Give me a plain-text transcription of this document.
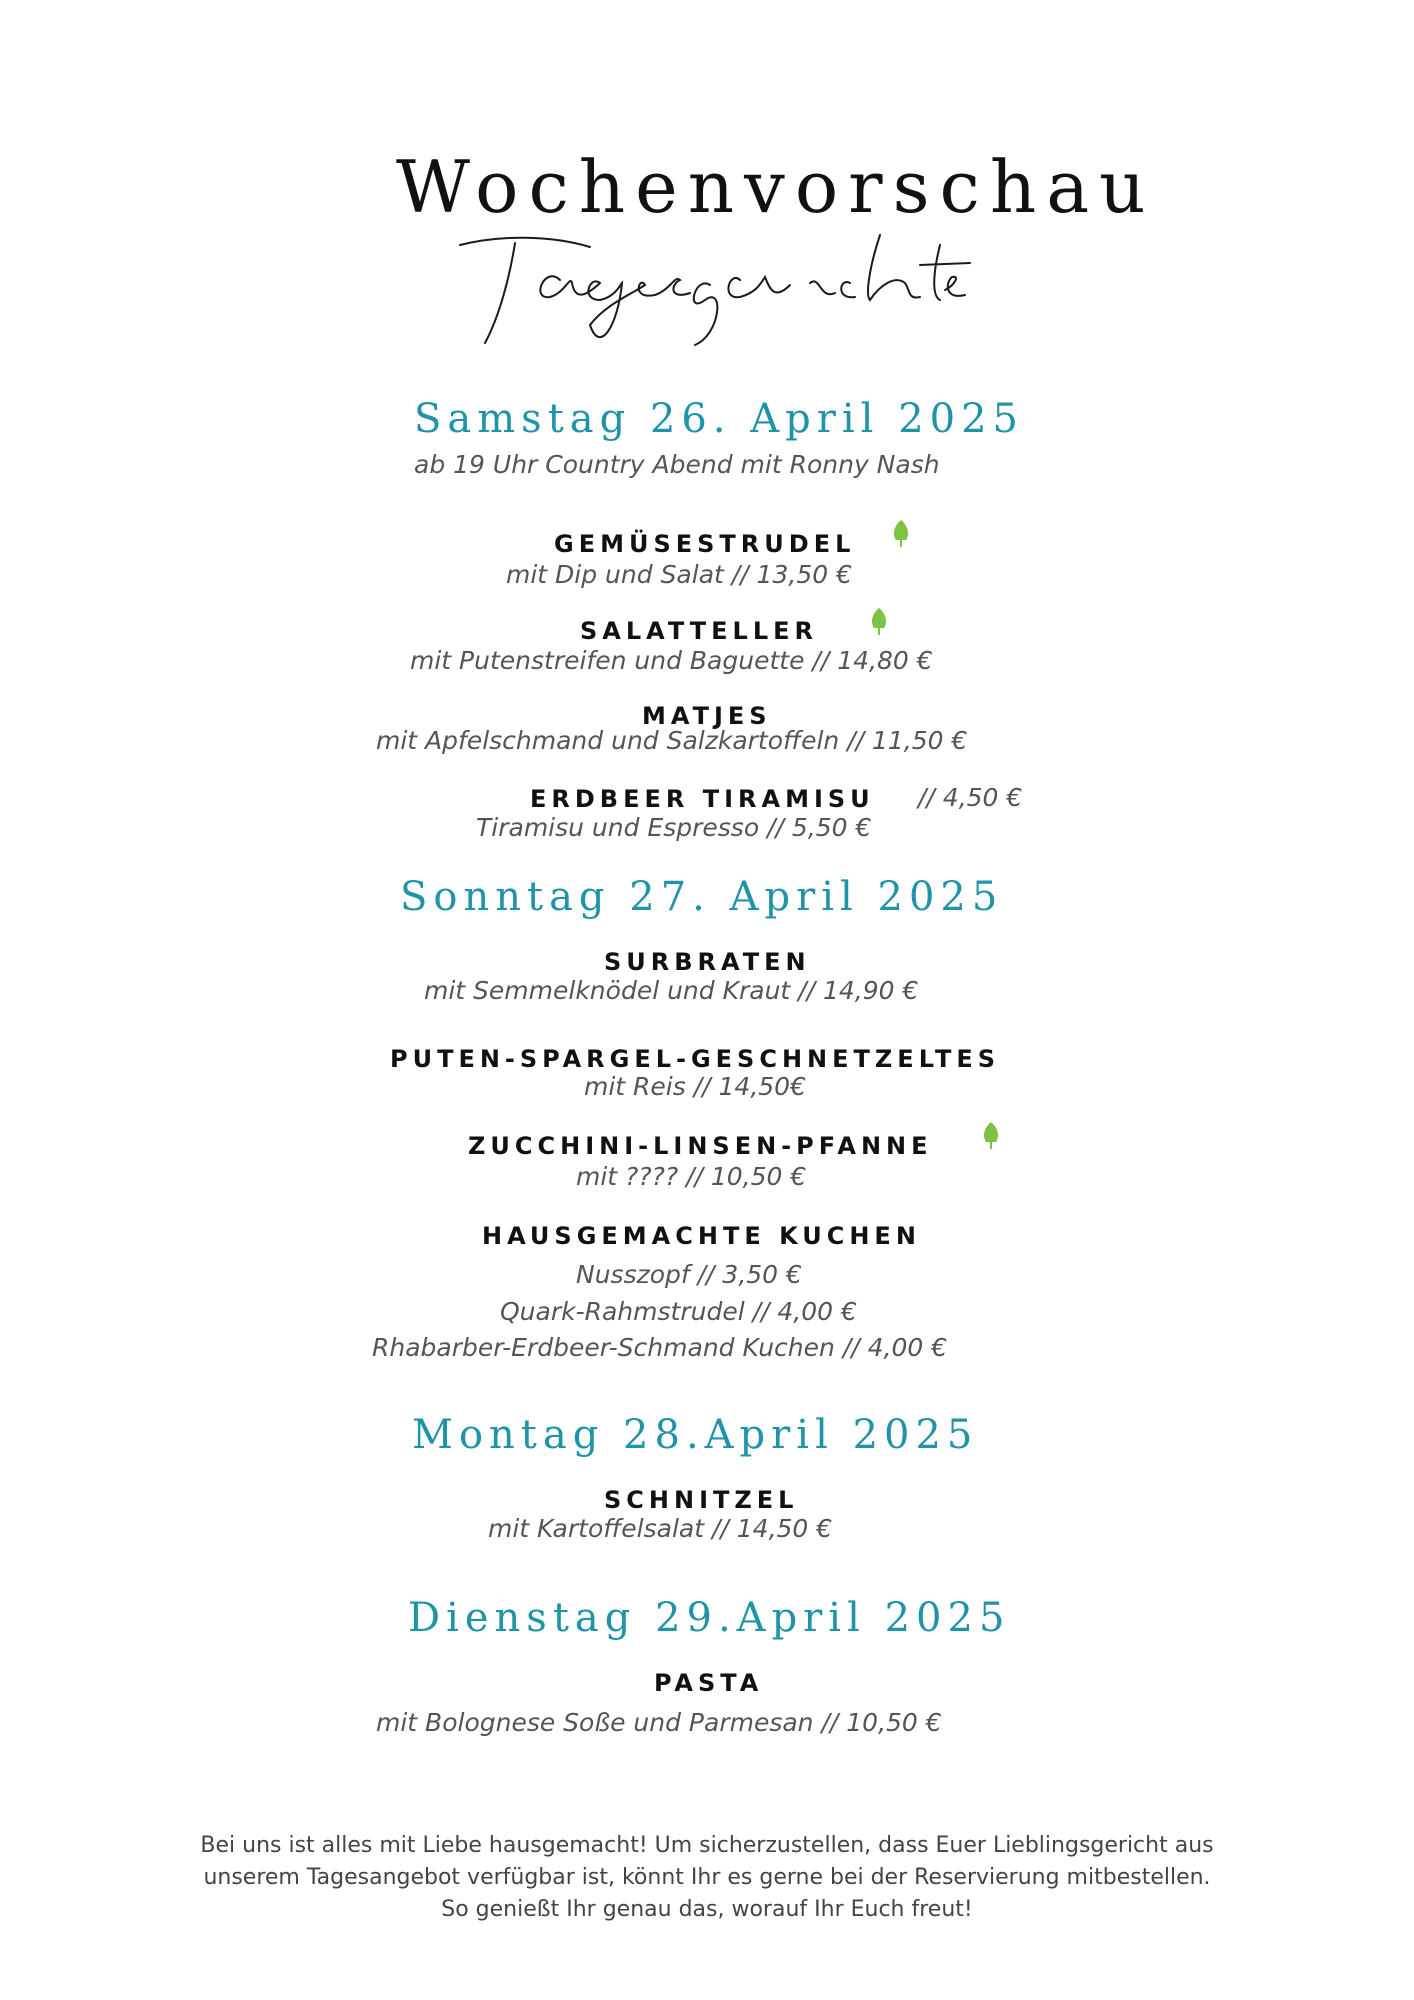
Wochenvorschau
Tagesgerichte
Samstag 26. April 2025
ab 19 Uhr Country Abend mit Ronny Nash
GEMÜSESTRUDEL
mit Dip und Salat // 13,50 €
SALATTELLER
mit Putenstreifen und Baguette // 14,80 €
MATJES
mit Apfelschmand und Salzkartoffeln // 11,50 €
ERDBEER TIRAMISU // 4,50 €
Tiramisu und Espresso // 5,50 €
Sonntag 27. April 2025
SURBRATEN
mit Semmelknödel und Kraut // 14,90 €
PUTEN-SPARGEL-GESCHNETZELTES
mit Reis // 14,50€
ZUCCHINI-LINSEN-PFANNE
mit ???? // 10,50 €
HAUSGEMACHTE KUCHEN
Nusszopf // 3,50 €
Quark-Rahmstrudel // 4,00 €
Rhabarber-Erdbeer-Schmand Kuchen // 4,00 €
Montag 28.April 2025
SCHNITZEL
mit Kartoffelsalat // 14,50 €
Dienstag 29.April 2025
PASTA
mit Bolognese Soße und Parmesan // 10,50 €
Bei uns ist alles mit Liebe hausgemacht! Um sicherzustellen, dass Euer Lieblingsgericht aus
unserem Tagesangebot verfügbar ist, könnt Ihr es gerne bei der Reservierung mitbestellen.
So genießt Ihr genau das, worauf Ihr Euch freut!
